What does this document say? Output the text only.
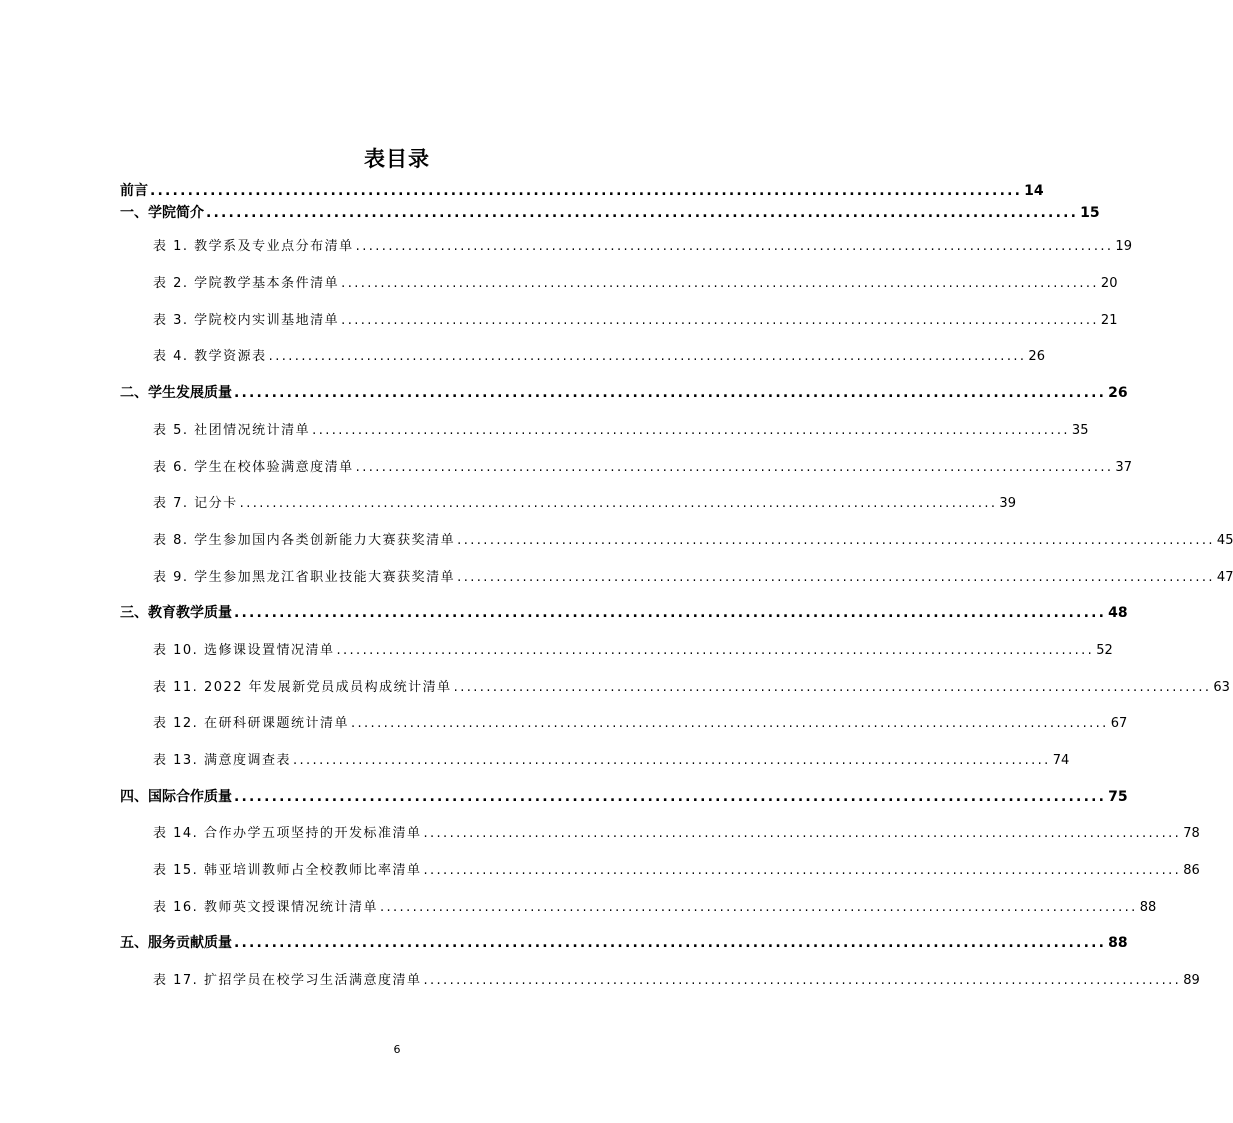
表目录
前言 .................................................................................................................... 14
一、学院简介 .................................................................................................................... 15
表 1. 教学系及专业点分布清单 .................................................................................................................... 19
表 2. 学院教学基本条件清单 .................................................................................................................... 20
表 3. 学院校内实训基地清单 .................................................................................................................... 21
表 4. 教学资源表 .................................................................................................................... 26
二、学生发展质量 .................................................................................................................... 26
表 5. 社团情况统计清单 .................................................................................................................... 35
表 6. 学生在校体验满意度清单 .................................................................................................................... 37
表 7. 记分卡 .................................................................................................................... 39
表 8. 学生参加国内各类创新能力大赛获奖清单 .................................................................................................................... 45
表 9. 学生参加黑龙江省职业技能大赛获奖清单 .................................................................................................................... 47
三、教育教学质量 .................................................................................................................... 48
表 10. 选修课设置情况清单 .................................................................................................................... 52
表 11. 2022 年发展新党员成员构成统计清单 .................................................................................................................... 63
表 12. 在研科研课题统计清单 .................................................................................................................... 67
表 13. 满意度调查表 .................................................................................................................... 74
四、国际合作质量 .................................................................................................................... 75
表 14. 合作办学五项坚持的开发标准清单 .................................................................................................................... 78
表 15. 韩亚培训教师占全校教师比率清单 .................................................................................................................... 86
表 16. 教师英文授课情况统计清单 .................................................................................................................... 88
五、服务贡献质量 .................................................................................................................... 88
表 17. 扩招学员在校学习生活满意度清单 .................................................................................................................... 89
6
